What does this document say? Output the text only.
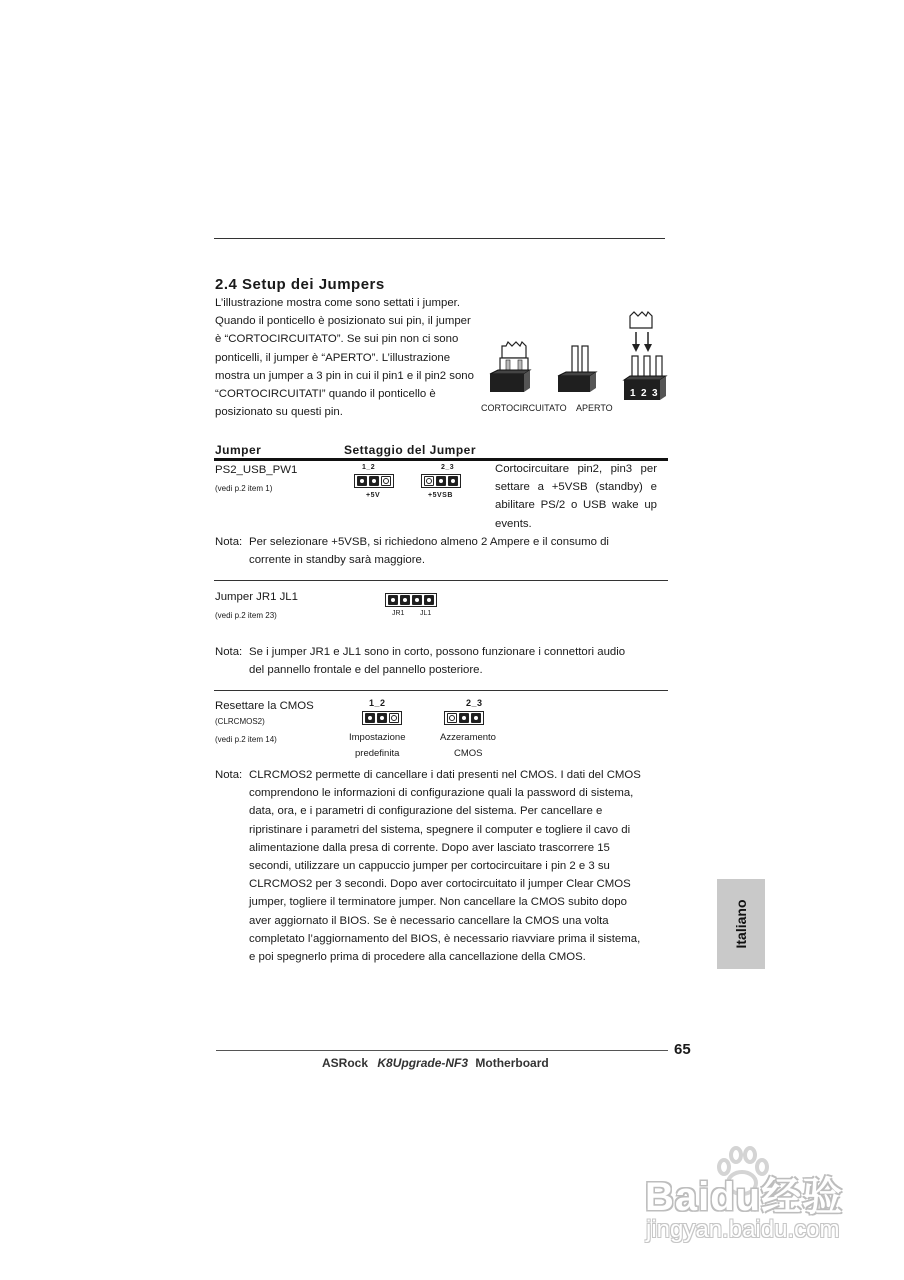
2.4 Setup dei Jumpers

L’illustrazione mostra come sono settati i jumper.

Quando il ponticello è posizionato sui pin, il jumper

è “CORTOCIRCUITATO”. Se sui pin non ci sono

ponticelli, il jumper è “APERTO”. L’illustrazione

mostra un jumper a 3 pin in cui il pin1 e il pin2 sono

“CORTOCIRCUITATI” quando il ponticello è

posizionato su questi pin.

1 2 3
CORTOCIRCUITATO APERTO
Jumper	Settaggio del Jumper
PS2_USB_PW1
(vedi p.2 item 1)
1_2
+5V
2_3
+5VSB
Cortocircuitare pin2, pin3 per
settare a +5VSB (standby) e
abilitare PS/2 o USB wake up
events.
Nota: Per selezionare +5VSB, si richiedono almeno 2 Ampere e il consumo di
corrente in standby sarà maggiore.
Jumper JR1 JL1
(vedi p.2 item 23)	JR1 JL1
Nota: Se i jumper JR1 e JL1 sono in corto, possono funzionare i connettori audio
del pannello frontale e del pannello posteriore.
Resettare la CMOS
(CLRCMOS2)
(vedi p.2 item 14)
1_2
Impostazione
predefinita
2_3
Azzeramento
CMOS
Nota: CLRCMOS2 permette di cancellare i dati presenti nel CMOS. I dati del CMOS
comprendono le informazioni di configurazione quali la password di sistema,
data, ora, e i parametri di configurazione del sistema. Per cancellare e
ripristinare i parametri del sistema, spegnere il computer e togliere il cavo di
alimentazione dalla presa di corrente. Dopo aver lasciato trascorrere 15
secondi, utilizzare un cappuccio jumper per cortocircuitare i pin 2 e 3 su
CLRCMOS2 per 3 secondi. Dopo aver cortocircuitato il jumper Clear CMOS
jumper, togliere il terminatore jumper. Non cancellare la CMOS subito dopo
aver aggiornato il BIOS. Se è necessario cancellare la CMOS una volta
completato l’aggiornamento del BIOS, è necessario riavviare prima il sistema,
e poi spegnerlo prima di procedere alla cancellazione della CMOS.
Italiano
65
ASRock K8Upgrade-NF3 Motherboard
Baidu经验
jingyan.baidu.com
